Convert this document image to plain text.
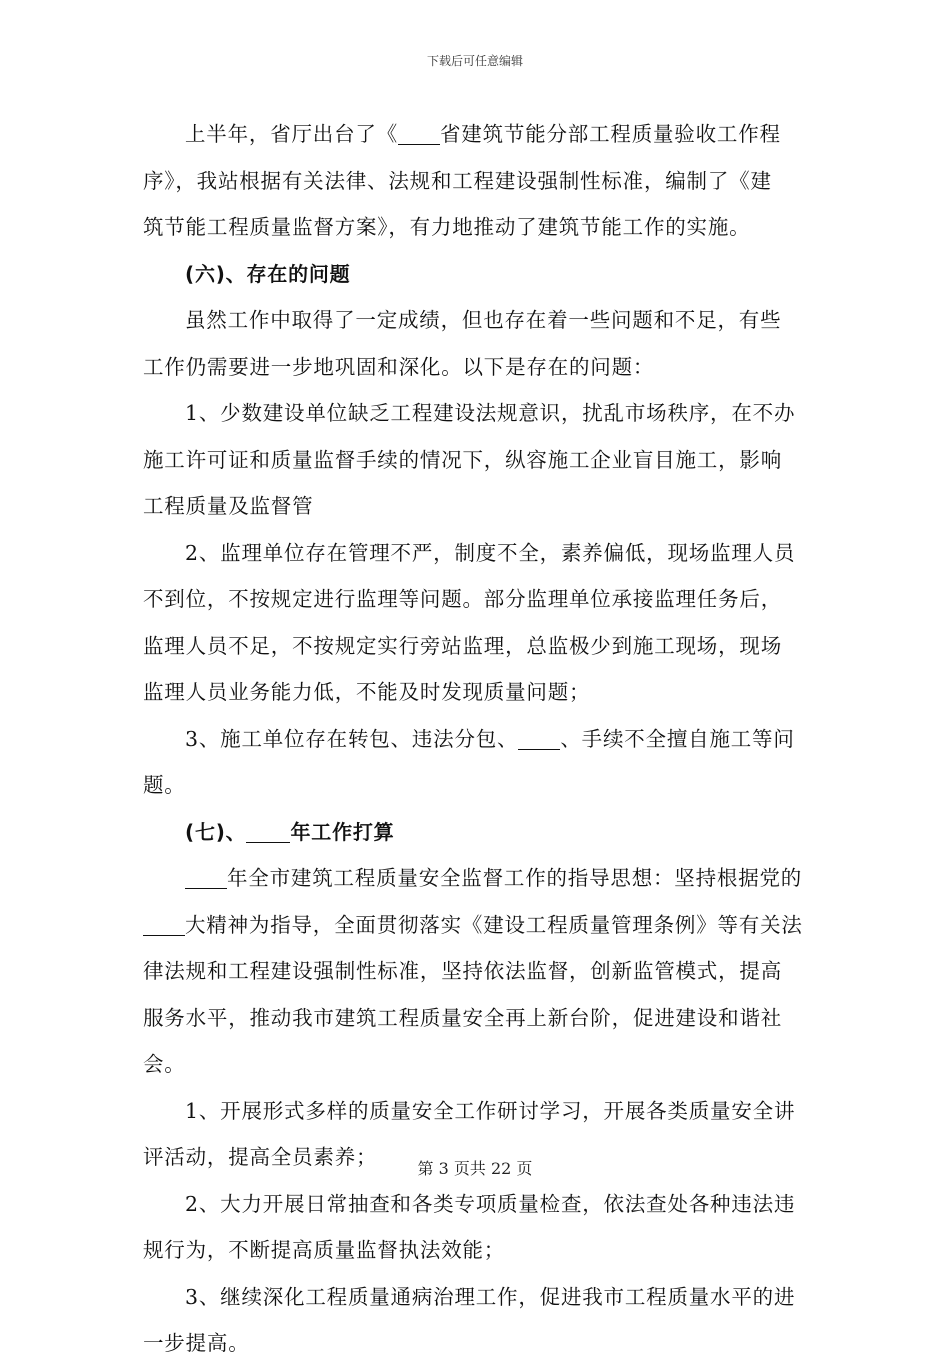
下载后可任意编辑
上半年，省厅出台了《 省建筑节能分部工程质量验收工作程
序》，我站根据有关法律、法规和工程建设强制性标准，编制了《建
筑节能工程质量监督方案》，有力地推动了建筑节能工作的实施。
(六)、存在的问题
虽然工作中取得了一定成绩，但也存在着一些问题和不足，有些
工作仍需要进一步地巩固和深化。以下是存在的问题：
1、少数建设单位缺乏工程建设法规意识，扰乱市场秩序，在不办
施工许可证和质量监督手续的情况下，纵容施工企业盲目施工，影响
工程质量及监督管
2、监理单位存在管理不严，制度不全，素养偏低，现场监理人员
不到位，不按规定进行监理等问题。部分监理单位承接监理任务后，
监理人员不足，不按规定实行旁站监理，总监极少到施工现场，现场
监理人员业务能力低，不能及时发现质量问题；
3、施工单位存在转包、违法分包、 、手续不全擅自施工等问
题。
(七)、 年工作打算
年全市建筑工程质量安全监督工作的指导思想：坚持根据党的
大精神为指导，全面贯彻落实《建设工程质量管理条例》等有关法
律法规和工程建设强制性标准，坚持依法监督，创新监管模式，提高
服务水平，推动我市建筑工程质量安全再上新台阶，促进建设和谐社
会。
1、开展形式多样的质量安全工作研讨学习，开展各类质量安全讲
评活动，提高全员素养；
2、大力开展日常抽查和各类专项质量检查，依法查处各种违法违
规行为，不断提高质量监督执法效能；
3、继续深化工程质量通病治理工作，促进我市工程质量水平的进
一步提高。
第 3 页共 22 页
